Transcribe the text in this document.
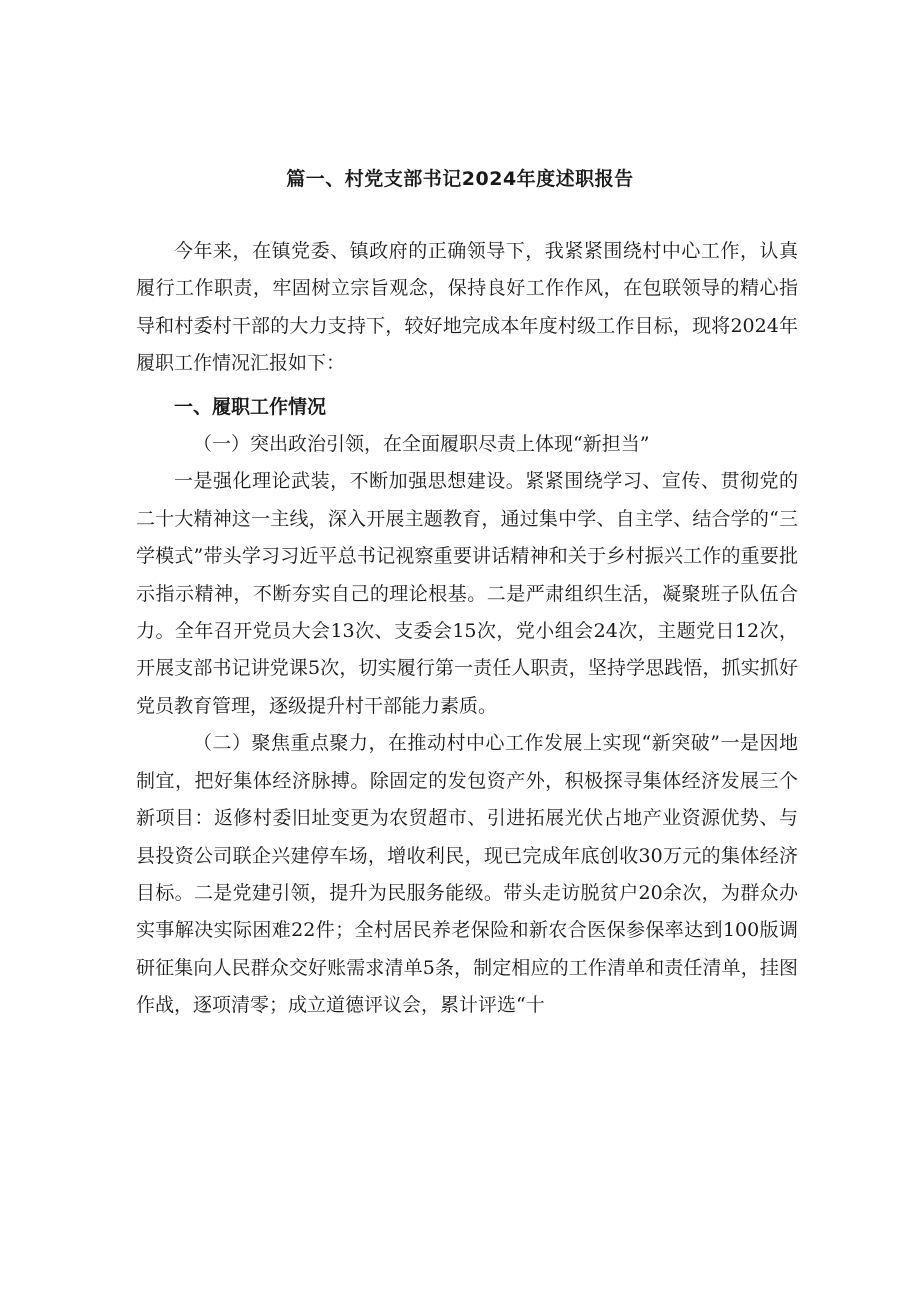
篇一、村党支部书记2024年度述职报告

今年来，在镇党委、镇政府的正确领导下，我紧紧围绕村中心工作，认真履行工作职责，牢固树立宗旨观念，保持良好工作作风，在包联领导的精心指导和村委村干部的大力支持下，较好地完成本年度村级工作目标，现将2024年履职工作情况汇报如下：

一、履职工作情况

（一）突出政治引领，在全面履职尽责上体现“新担当”

一是强化理论武装，不断加强思想建设。紧紧围绕学习、宣传、贯彻党的二十大精神这一主线，深入开展主题教育，通过集中学、自主学、结合学的“三学模式”带头学习习近平总书记视察重要讲话精神和关于乡村振兴工作的重要批示指示精神，不断夯实自己的理论根基。二是严肃组织生活，凝聚班子队伍合力。全年召开党员大会13次、支委会15次，党小组会24次，主题党日12次，开展支部书记讲党课5次，切实履行第一责任人职责，坚持学思践悟，抓实抓好党员教育管理，逐级提升村干部能力素质。

（二）聚焦重点聚力，在推动村中心工作发展上实现“新突破”一是因地制宜，把好集体经济脉搏。除固定的发包资产外，积极探寻集体经济发展三个新项目：返修村委旧址变更为农贸超市、引进拓展光伏占地产业资源优势、与县投资公司联企兴建停车场，增收利民，现已完成年底创收30万元的集体经济目标。二是党建引领，提升为民服务能级。带头走访脱贫户20余次，为群众办实事解决实际困难22件；全村居民养老保险和新农合医保参保率达到100版调研征集向人民群众交好账需求清单5条，制定相应的工作清单和责任清单，挂图作战，逐项清零；成立道德评议会，累计评选“十
